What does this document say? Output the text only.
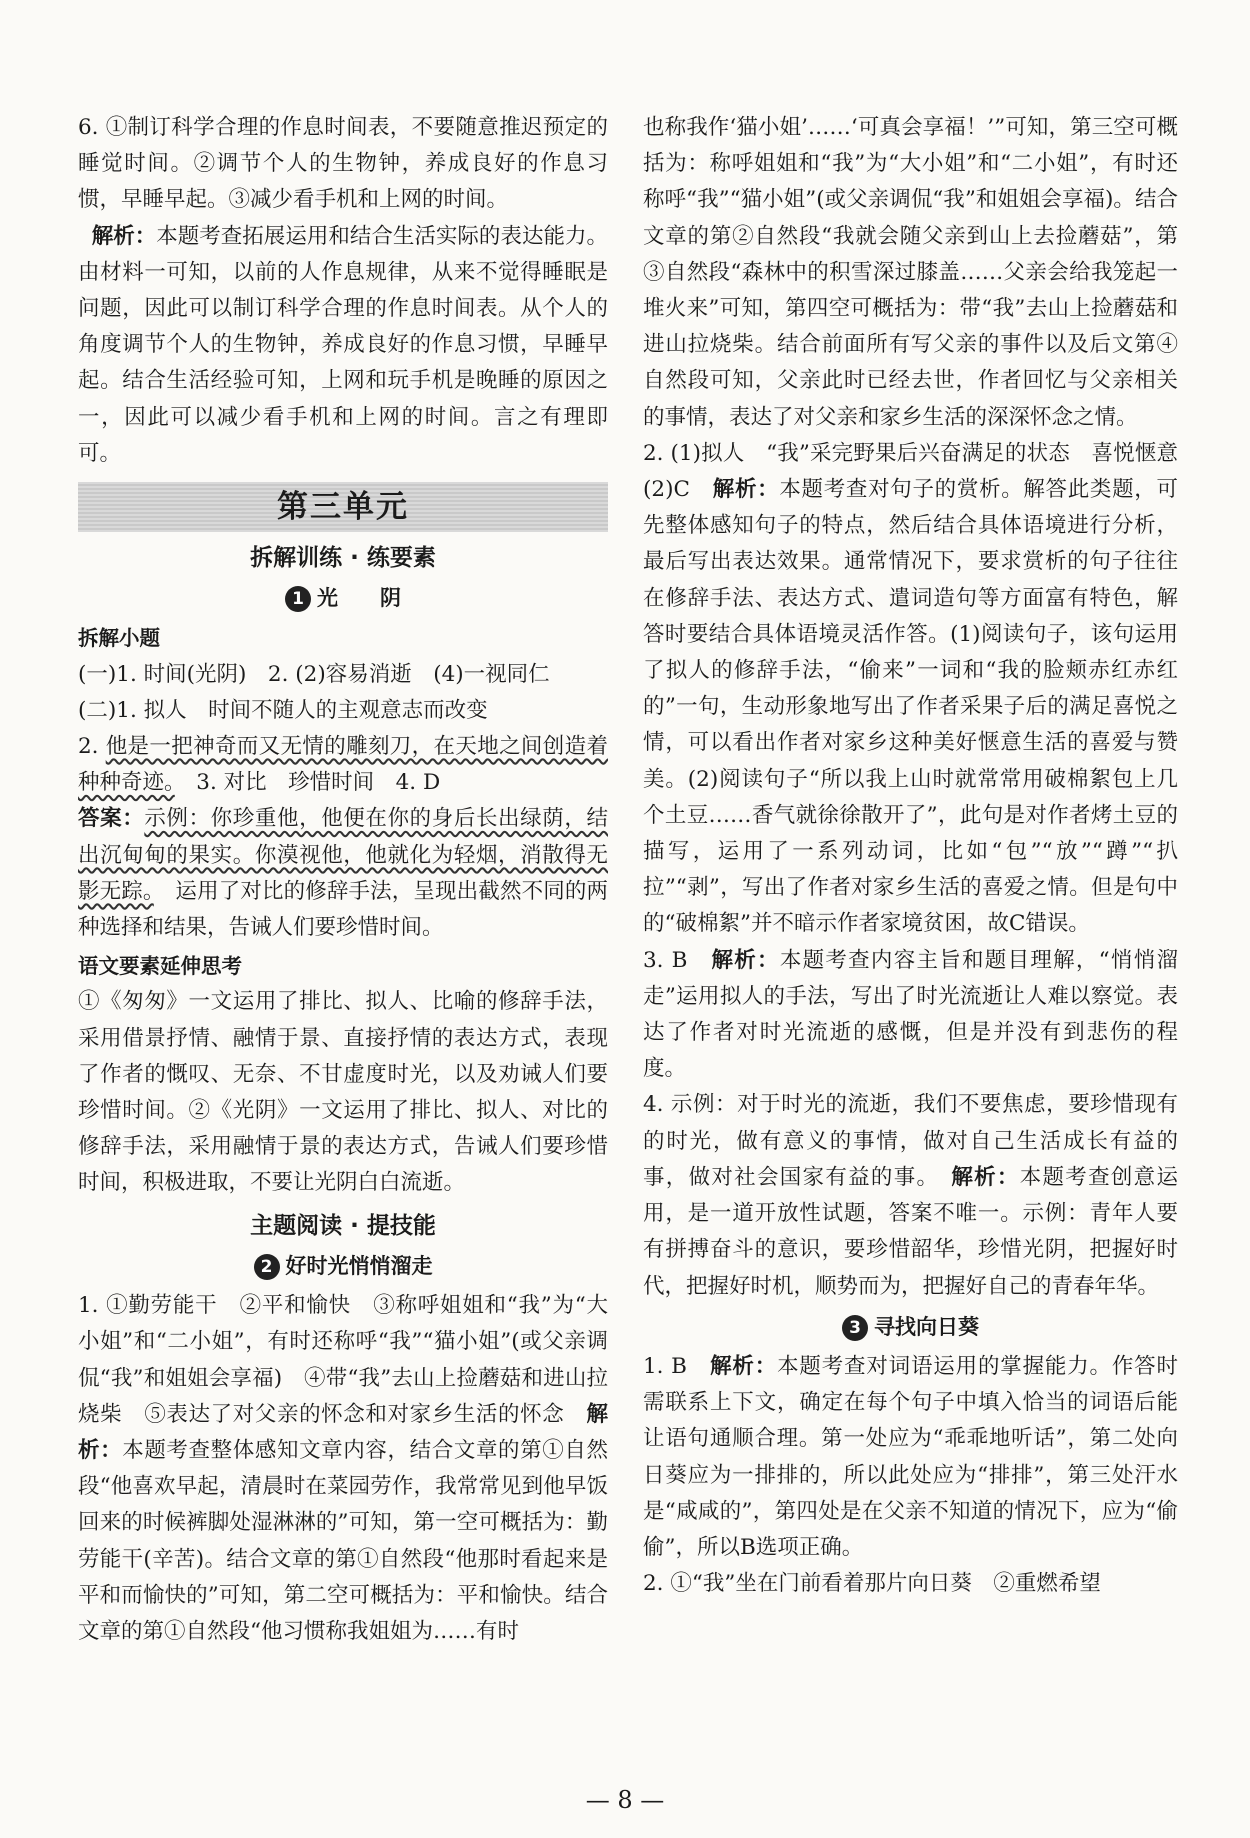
6. ①制订科学合理的作息时间表，不要随意推迟预定的睡觉时间。②调节个人的生物钟，养成良好的作息习惯，早睡早起。③减少看手机和上网的时间。

解析：本题考查拓展运用和结合生活实际的表达能力。由材料一可知，以前的人作息规律，从来不觉得睡眠是问题，因此可以制订科学合理的作息时间表。从个人的角度调节个人的生物钟，养成良好的作息习惯，早睡早起。结合生活经验可知，上网和玩手机是晚睡的原因之一，因此可以减少看手机和上网的时间。言之有理即可。

第三单元
拆解训练 · 练要素
1 光　　阴
拆解小题

(一)1. 时间(光阴)　2. (2)容易消逝　(4)一视同仁

(二)1. 拟人　时间不随人的主观意志而改变

2. 他是一把神奇而又无情的雕刻刀，在天地之间创造着种种奇迹。　3. 对比　珍惜时间　4. D

答案：示例：你珍重他，他便在你的身后长出绿荫，结出沉甸甸的果实。你漠视他，他就化为轻烟，消散得无影无踪。　运用了对比的修辞手法，呈现出截然不同的两种选择和结果，告诫人们要珍惜时间。

语文要素延伸思考

①《匆匆》一文运用了排比、拟人、比喻的修辞手法，采用借景抒情、融情于景、直接抒情的表达方式，表现了作者的慨叹、无奈、不甘虚度时光，以及劝诫人们要珍惜时间。②《光阴》一文运用了排比、拟人、对比的修辞手法，采用融情于景的表达方式，告诫人们要珍惜时间，积极进取，不要让光阴白白流逝。

主题阅读 · 提技能
2 好时光悄悄溜走

1. ①勤劳能干　②平和愉快　③称呼姐姐和“我”为“大小姐”和“二小姐”，有时还称呼“我”“猫小姐”(或父亲调侃“我”和姐姐会享福)　④带“我”去山上捡蘑菇和进山拉烧柴　⑤表达了对父亲的怀念和对家乡生活的怀念　解析：本题考查整体感知文章内容，结合文章的第①自然段“他喜欢早起，清晨时在菜园劳作，我常常见到他早饭回来的时候裤脚处湿淋淋的”可知，第一空可概括为：勤劳能干(辛苦)。结合文章的第①自然段“他那时看起来是平和而愉快的”可知，第二空可概括为：平和愉快。结合文章的第①自然段“他习惯称我姐姐为……有时

也称我作‘猫小姐’……‘可真会享福！’”可知，第三空可概括为：称呼姐姐和“我”为“大小姐”和“二小姐”，有时还称呼“我”“猫小姐”(或父亲调侃“我”和姐姐会享福)。结合文章的第②自然段“我就会随父亲到山上去捡蘑菇”，第③自然段“森林中的积雪深过膝盖……父亲会给我笼起一堆火来”可知，第四空可概括为：带“我”去山上捡蘑菇和进山拉烧柴。结合前面所有写父亲的事件以及后文第④自然段可知，父亲此时已经去世，作者回忆与父亲相关的事情，表达了对父亲和家乡生活的深深怀念之情。

2. (1)拟人　“我”采完野果后兴奋满足的状态　喜悦惬意　(2)C　解析：本题考查对句子的赏析。解答此类题，可先整体感知句子的特点，然后结合具体语境进行分析，最后写出表达效果。通常情况下，要求赏析的句子往往在修辞手法、表达方式、遣词造句等方面富有特色，解答时要结合具体语境灵活作答。(1)阅读句子，该句运用了拟人的修辞手法，“偷来”一词和“我的脸颊赤红赤红的”一句，生动形象地写出了作者采果子后的满足喜悦之情，可以看出作者对家乡这种美好惬意生活的喜爱与赞美。(2)阅读句子“所以我上山时就常常用破棉絮包上几个土豆……香气就徐徐散开了”，此句是对作者烤土豆的描写，运用了一系列动词，比如“包”“放”“蹲”“扒拉”“剥”，写出了作者对家乡生活的喜爱之情。但是句中的“破棉絮”并不暗示作者家境贫困，故C错误。

3. B　解析：本题考查内容主旨和题目理解，“悄悄溜走”运用拟人的手法，写出了时光流逝让人难以察觉。表达了作者对时光流逝的感慨，但是并没有到悲伤的程度。

4. 示例：对于时光的流逝，我们不要焦虑，要珍惜现有的时光，做有意义的事情，做对自己生活成长有益的事，做对社会国家有益的事。　解析：本题考查创意运用，是一道开放性试题，答案不唯一。示例：青年人要有拼搏奋斗的意识，要珍惜韶华，珍惜光阴，把握好时代，把握好时机，顺势而为，把握好自己的青春年华。

3 寻找向日葵

1. B　解析：本题考查对词语运用的掌握能力。作答时需联系上下文，确定在每个句子中填入恰当的词语后能让语句通顺合理。第一处应为“乖乖地听话”，第二处向日葵应为一排排的，所以此处应为“排排”，第三处汗水是“咸咸的”，第四处是在父亲不知道的情况下，应为“偷偷”，所以B选项正确。

2. ①“我”坐在门前看着那片向日葵　②重燃希望

— 8 —
